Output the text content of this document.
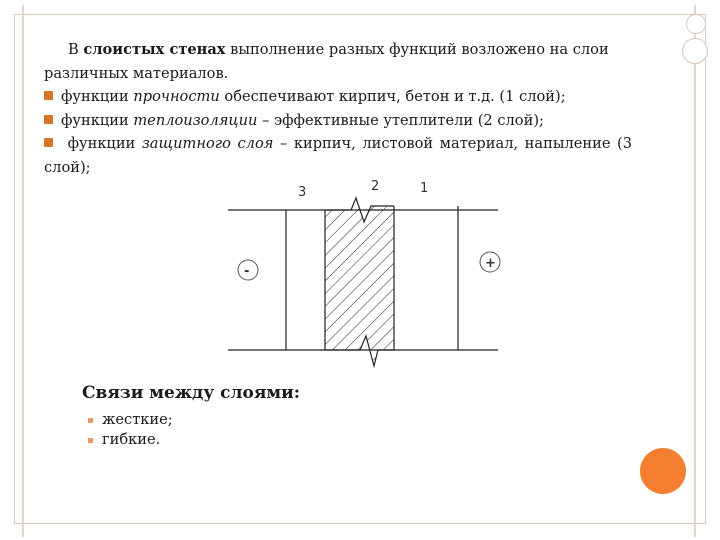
В слоистых стенах выполнение разных функций возложено на слои различных материалов.

функции прочности обеспечивают кирпич, бетон и т.д. (1 слой);

функции теплоизоляции – эффективные утеплители (2 слой);

функции защитного слоя – кирпич, листовой материал, напыление (3 слой);

3	2	1
-
+
Связи между слоями:
жесткие;
гибкие.
